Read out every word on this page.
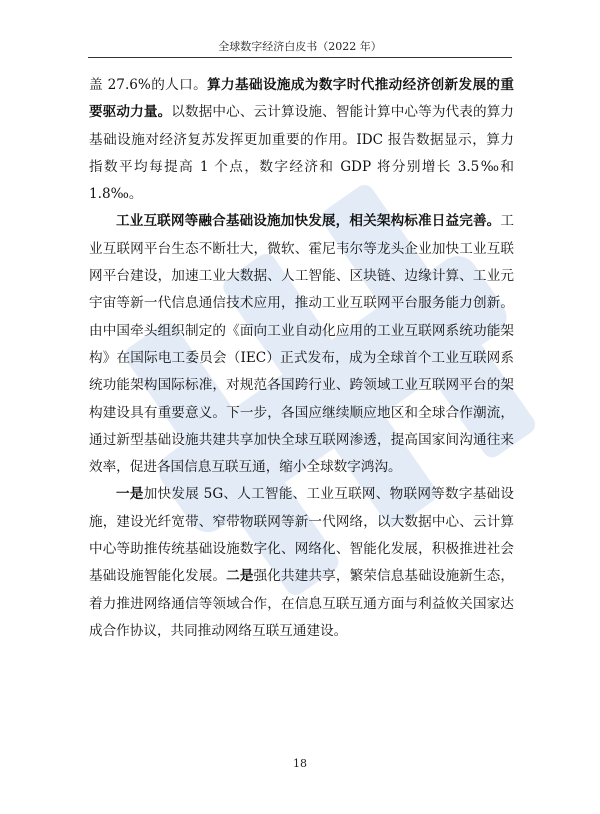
全球数字经济白皮书（2022 年）

盖 27.6%的人口。算力基础设施成为数字时代推动经济创新发展的重要驱动力量。以数据中心、云计算设施、智能计算中心等为代表的算力基础设施对经济复苏发挥更加重要的作用。IDC 报告数据显示，算力指数平均每提高 1 个点，数字经济和 GDP 将分别增长 3.5‰和 1.8‰。

工业互联网等融合基础设施加快发展，相关架构标准日益完善。工业互联网平台生态不断壮大，微软、霍尼韦尔等龙头企业加快工业互联网平台建设，加速工业大数据、人工智能、区块链、边缘计算、工业元宇宙等新一代信息通信技术应用，推动工业互联网平台服务能力创新。由中国牵头组织制定的《面向工业自动化应用的工业互联网系统功能架构》在国际电工委员会（IEC）正式发布，成为全球首个工业互联网系统功能架构国际标准，对规范各国跨行业、跨领域工业互联网平台的架构建设具有重要意义。下一步，各国应继续顺应地区和全球合作潮流，通过新型基础设施共建共享加快全球互联网渗透，提高国家间沟通往来效率，促进各国信息互联互通，缩小全球数字鸿沟。

一是加快发展 5G、人工智能、工业互联网、物联网等数字基础设施，建设光纤宽带、窄带物联网等新一代网络，以大数据中心、云计算中心等助推传统基础设施数字化、网络化、智能化发展，积极推进社会基础设施智能化发展。二是强化共建共享，繁荣信息基础设施新生态，着力推进网络通信等领域合作，在信息互联互通方面与利益攸关国家达成合作协议，共同推动网络互联互通建设。

18
